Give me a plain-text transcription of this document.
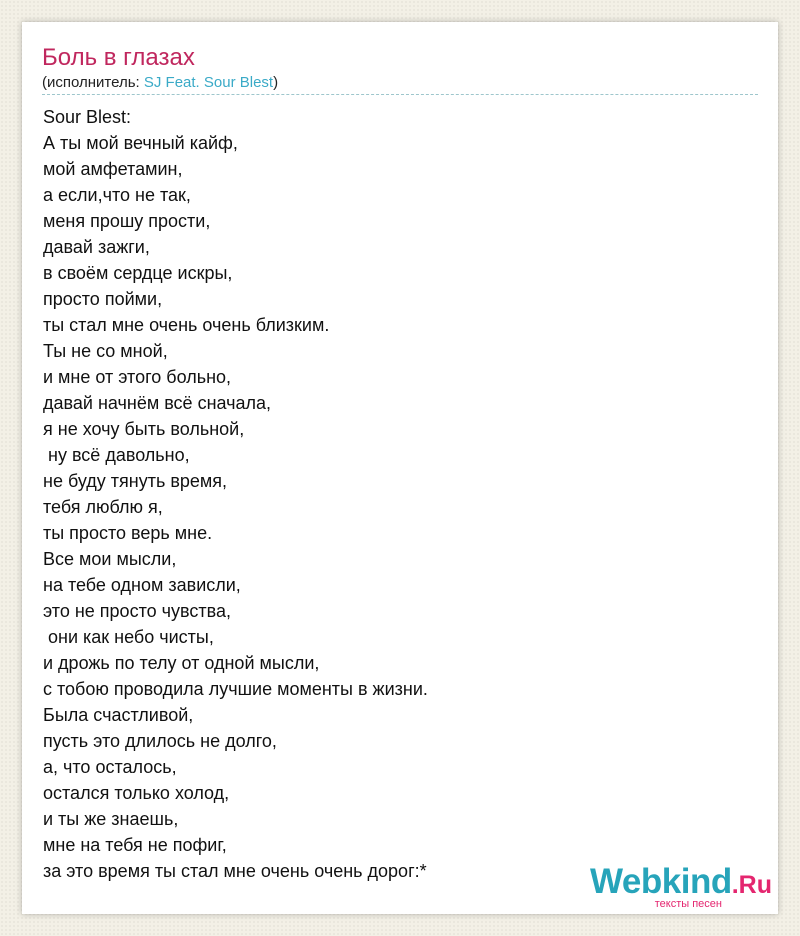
Боль в глазах
(исполнитель: SJ Feat. Sour Blest)
Sour Blest:
А ты мой вечный кайф,
мой амфетамин,
а если,что не так,
меня прошу прости,
давай зажги,
в своём сердце искры,
просто пойми,
ты стал мне очень очень близким.
Ты не со мной,
и мне от этого больно,
давай начнём всё сначала,
я не хочу быть вольной,
ну всё давольно,
не буду тянуть время,
тебя люблю я,
ты просто верь мне.
Все мои мысли,
на тебе одном зависли,
это не просто чувства,
они как небо чисты,
и дрожь по телу от одной мысли,
с тобою проводила лучшие моменты в жизни.
Была счастливой,
пусть это длилось не долго,
а, что осталось,
остался только холод,
и ты же знаешь,
мне на тебя не пофиг,
за это время ты стал мне очень очень дорог:*	Webkind.Ru
тексты песен
